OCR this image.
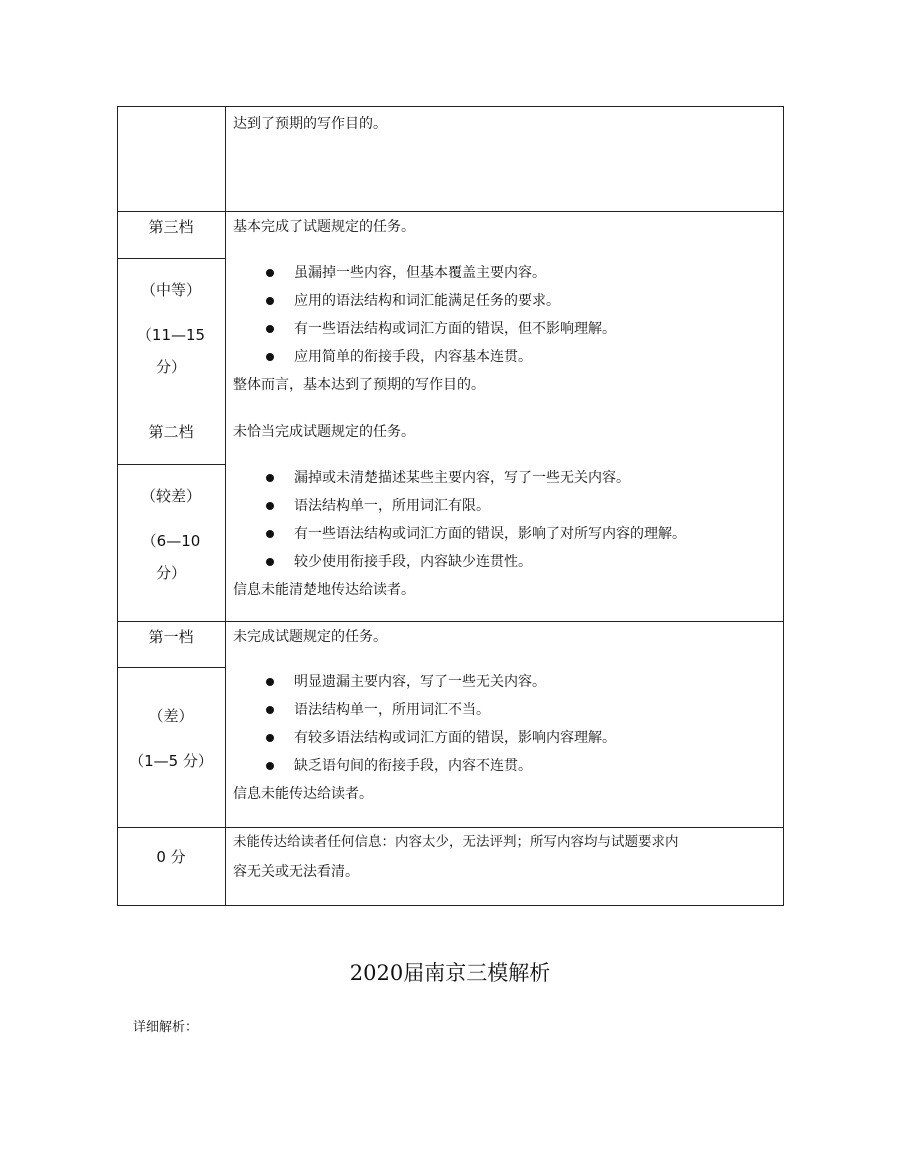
达到了预期的写作目的。
第三档
（中等）
（11—15
分）
基本完成了试题规定的任务。
虽漏掉一些内容，但基本覆盖主要内容。
应用的语法结构和词汇能满足任务的要求。
有一些语法结构或词汇方面的错误，但不影响理解。
应用简单的衔接手段，内容基本连贯。
整体而言，基本达到了预期的写作目的。
第二档
（较差）
（6—10
分）
未恰当完成试题规定的任务。
漏掉或未清楚描述某些主要内容，写了一些无关内容。
语法结构单一，所用词汇有限。
有一些语法结构或词汇方面的错误，影响了对所写内容的理解。
较少使用衔接手段，内容缺少连贯性。
信息未能清楚地传达给读者。
第一档
（差）
（1—5 分）
未完成试题规定的任务。
明显遗漏主要内容，写了一些无关内容。
语法结构单一，所用词汇不当。
有较多语法结构或词汇方面的错误，影响内容理解。
缺乏语句间的衔接手段，内容不连贯。
信息未能传达给读者。
0 分
未能传达给读者任何信息：内容太少，无法评判；所写内容均与试题要求内
容无关或无法看清。
2020届南京三模解析
详细解析：
